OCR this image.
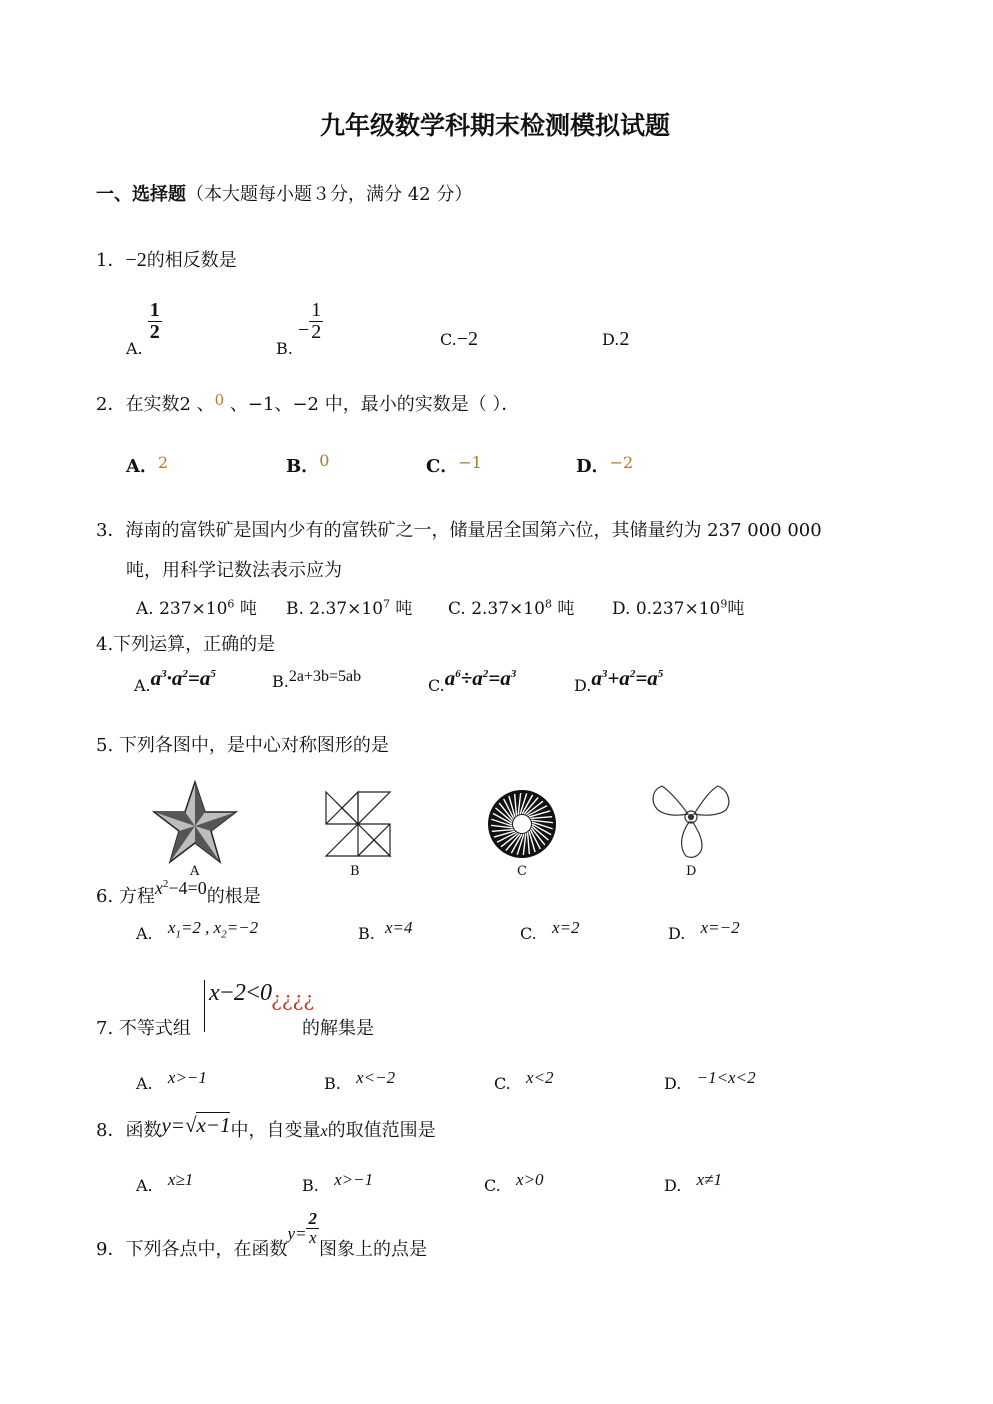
九年级数学科期末检测模拟试题
一、选择题（本大题每小题３分，满分 42 分）
1．−2的相反数是
A.
$\frac{1}{2}$
B. − $\frac{1}{2}$	C.−2	D.2
2．在实数2 、$^0$ 、−1、−2 中，最小的实数是（ ）．
A．2	B．0	C．−1	D．−2
3．海南的富铁矿是国内少有的富铁矿之一，储量居全国第六位，其储量约为 237 000 000
吨，用科学记数法表示应为
A. $237\times 10^6$ 吨 B. $2.37\times 10^7$ 吨 C. $2.37\times 10^8$ 吨 D. $0.237\times 10^9$吨
4.下列运算，正确的是
$A.a^3\cdot a^2=a^5$	B.2a+3b=5ab	$C.a^6\div a^2=a^3$
$D.a^3+a^2=a^5$
5. 下列各图中，是中心对称图形的是
A	B	C	D
6. 方程$x^2-4=0$的根是
A. $x_1=2$ , $x_2=-2$	B. x=4	C. x=2	D. x=−2
7. 不等式组
x−2<0¿¿¿¿
的解集是
A. x>−1	B. x<−2	C. x<2	D. −1<x<2
8．函数y=√x−1中，自变量x的取值范围是
A. x≥1	B. x>−1	C. x>0	D. x≠1
9．下列各点中，在函数$y= \frac{2}{x}$
图象上的点是
